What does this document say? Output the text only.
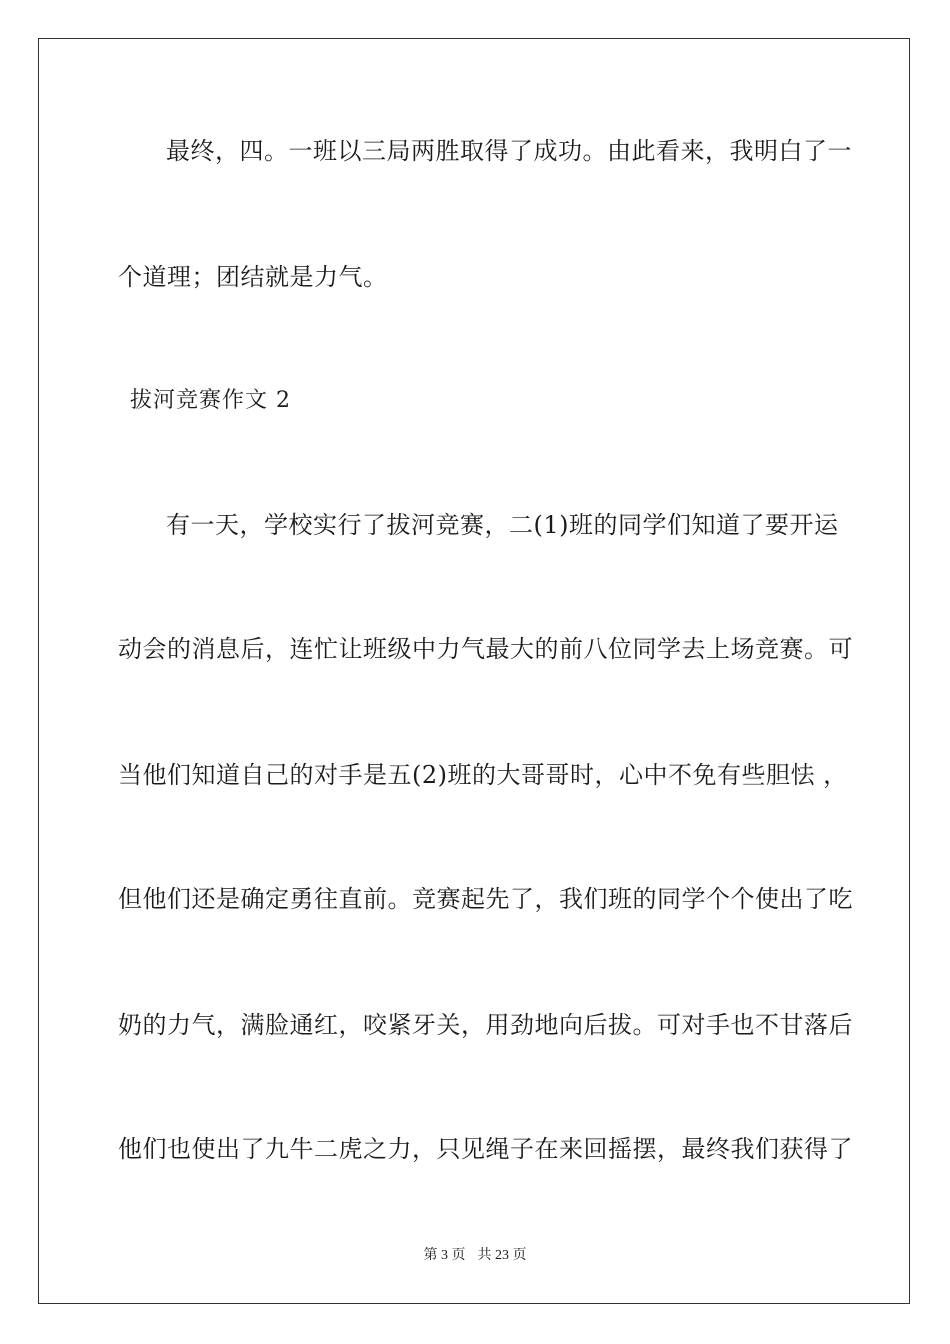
最终，四。一班以三局两胜取得了成功。由此看来，我明白了一
个道理；团结就是力气。
拔河竞赛作文 2
有一天，学校实行了拔河竞赛，二(1)班的同学们知道了要开运
动会的消息后，连忙让班级中力气最大的前八位同学去上场竞赛。可
当他们知道自己的对手是五(2)班的大哥哥时，心中不免有些胆怯 ，
但他们还是确定勇往直前。竞赛起先了，我们班的同学个个使出了吃
奶的力气，满脸通红，咬紧牙关，用劲地向后拔。可对手也不甘落后
他们也使出了九牛二虎之力，只见绳子在来回摇摆，最终我们获得了
第 3 页 共 23 页
